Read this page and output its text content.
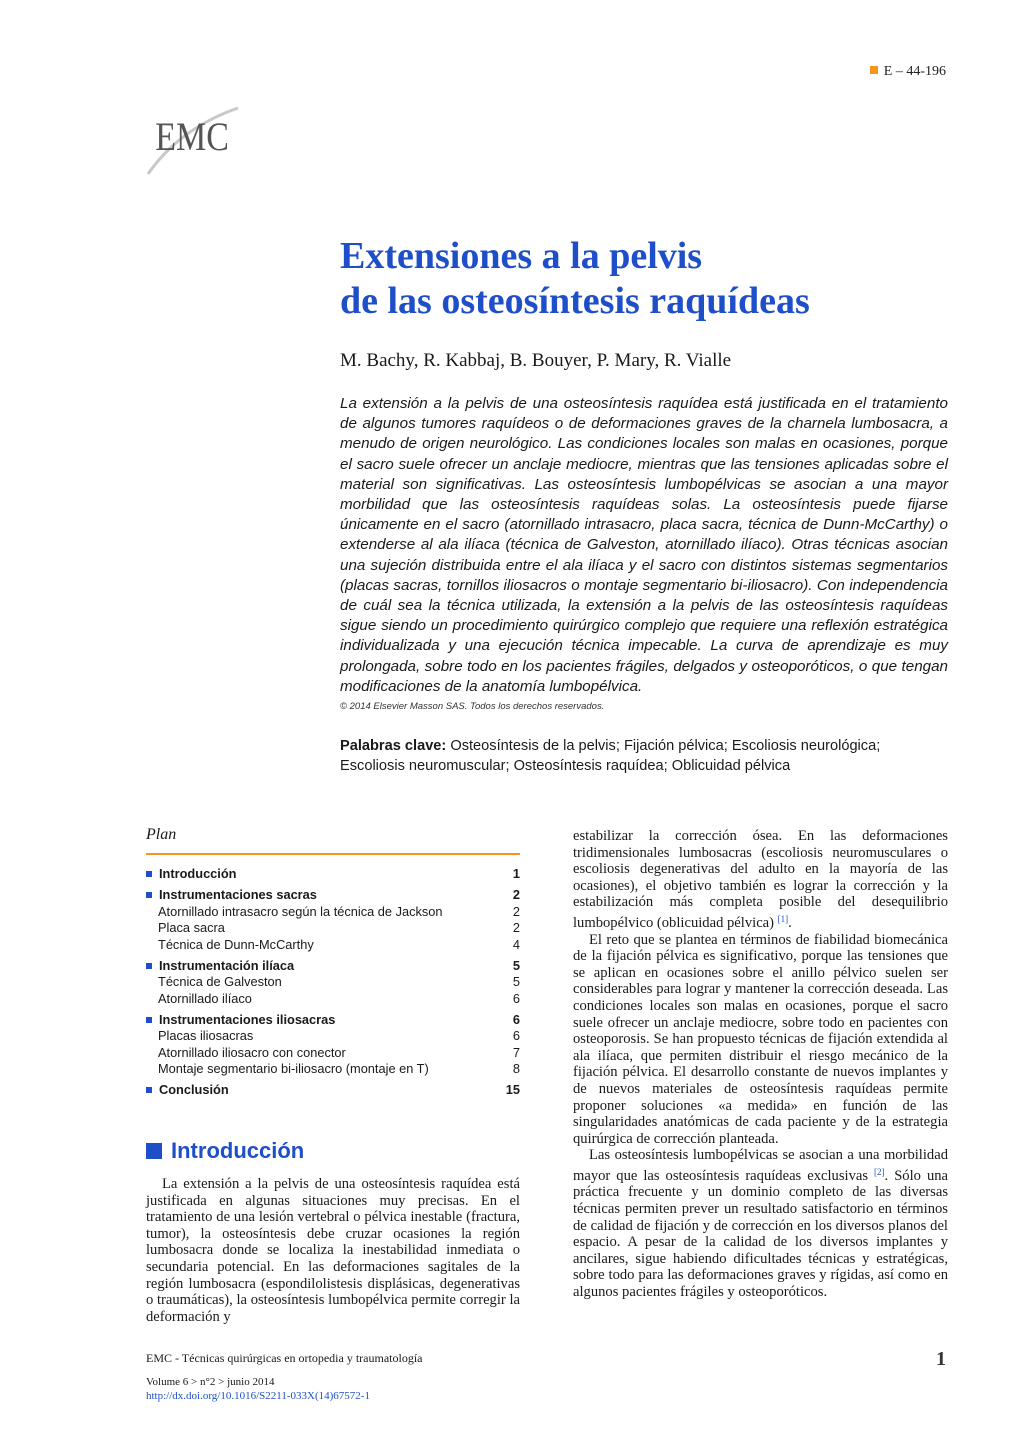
E – 44-196
EMC
Extensiones a la pelvis
de las osteosíntesis raquídeas
M. Bachy, R. Kabbaj, B. Bouyer, P. Mary, R. Vialle

La extensión a la pelvis de una osteosíntesis raquídea está justificada en el tratamiento de algunos tumores raquídeos o de deformaciones graves de la charnela lumbosacra, a menudo de origen neurológico. Las condiciones locales son malas en ocasiones, porque el sacro suele ofrecer un anclaje mediocre, mientras que las tensiones aplicadas sobre el material son significativas. Las osteosíntesis lumbopélvicas se asocian a una mayor morbilidad que las osteosíntesis raquídeas solas. La osteosíntesis puede fijarse únicamente en el sacro (atornillado intrasacro, placa sacra, técnica de Dunn-McCarthy) o extenderse al ala ilíaca (técnica de Galveston, atornillado ilíaco). Otras técnicas asocian una sujeción distribuida entre el ala ilíaca y el sacro con distintos sistemas segmentarios (placas sacras, tornillos iliosacros o montaje segmentario bi-iliosacro). Con independencia de cuál sea la técnica utilizada, la extensión a la pelvis de las osteosíntesis raquídeas sigue siendo un procedimiento quirúrgico complejo que requiere una reflexión estratégica individualizada y una ejecución técnica impecable. La curva de aprendizaje es muy prolongada, sobre todo en los pacientes frágiles, delgados y osteoporóticos, o que tengan modificaciones de la anatomía lumbopélvica.

© 2014 Elsevier Masson SAS. Todos los derechos reservados.
Palabras clave: Osteosíntesis de la pelvis; Fijación pélvica; Escoliosis neurológica; Escoliosis neuromuscular; Osteosíntesis raquídea; Oblicuidad pélvica
Plan
Introducción	1
Instrumentaciones sacras	2
Atornillado intrasacro según la técnica de Jackson	2
Placa sacra	2
Técnica de Dunn-McCarthy	4
Instrumentación ilíaca	5
Técnica de Galveston	5
Atornillado ilíaco	6
Instrumentaciones iliosacras	6
Placas iliosacras	6
Atornillado iliosacro con conector	7
Montaje segmentario bi-iliosacro (montaje en T)	8
Conclusión	15
Introducción

La extensión a la pelvis de una osteosíntesis raquídea está justificada en algunas situaciones muy precisas. En el tratamiento de una lesión vertebral o pélvica inestable (fractura, tumor), la osteosíntesis debe cruzar ocasiones la región lumbosacra donde se localiza la inestabilidad inmediata o secundaria potencial. En las deformaciones sagitales de la región lumbosacra (espondilolistesis displásicas, degenerativas o traumáticas), la osteosíntesis lumbopélvica permite corregir la deformación y

estabilizar la corrección ósea. En las deformaciones tridimensionales lumbosacras (escoliosis neuromusculares o escoliosis degenerativas del adulto en la mayoría de las ocasiones), el objetivo también es lograr la corrección y la estabilización más completa posible del desequilibrio lumbopélvico (oblicuidad pélvica) [1].

El reto que se plantea en términos de fiabilidad biomecánica de la fijación pélvica es significativo, porque las tensiones que se aplican en ocasiones sobre el anillo pélvico suelen ser considerables para lograr y mantener la corrección deseada. Las condiciones locales son malas en ocasiones, porque el sacro suele ofrecer un anclaje mediocre, sobre todo en pacientes con osteoporosis. Se han propuesto técnicas de fijación extendida al ala ilíaca, que permiten distribuir el riesgo mecánico de la fijación pélvica. El desarrollo constante de nuevos implantes y de nuevos materiales de osteosíntesis raquídeas permite proponer soluciones «a medida» en función de las singularidades anatómicas de cada paciente y de la estrategia quirúrgica de corrección planteada.

Las osteosíntesis lumbopélvicas se asocian a una morbilidad mayor que las osteosíntesis raquídeas exclusivas [2]. Sólo una práctica frecuente y un dominio completo de las diversas técnicas permiten prever un resultado satisfactorio en términos de calidad de fijación y de corrección en los diversos planos del espacio. A pesar de la calidad de los diversos implantes y ancilares, sigue habiendo dificultades técnicas y estratégicas, sobre todo para las deformaciones graves y rígidas, así como en algunos pacientes frágiles y osteoporóticos.

EMC - Técnicas quirúrgicas en ortopedia y traumatología	1
Volume 6 > n°2 > junio 2014
http://dx.doi.org/10.1016/S2211-033X(14)67572-1
